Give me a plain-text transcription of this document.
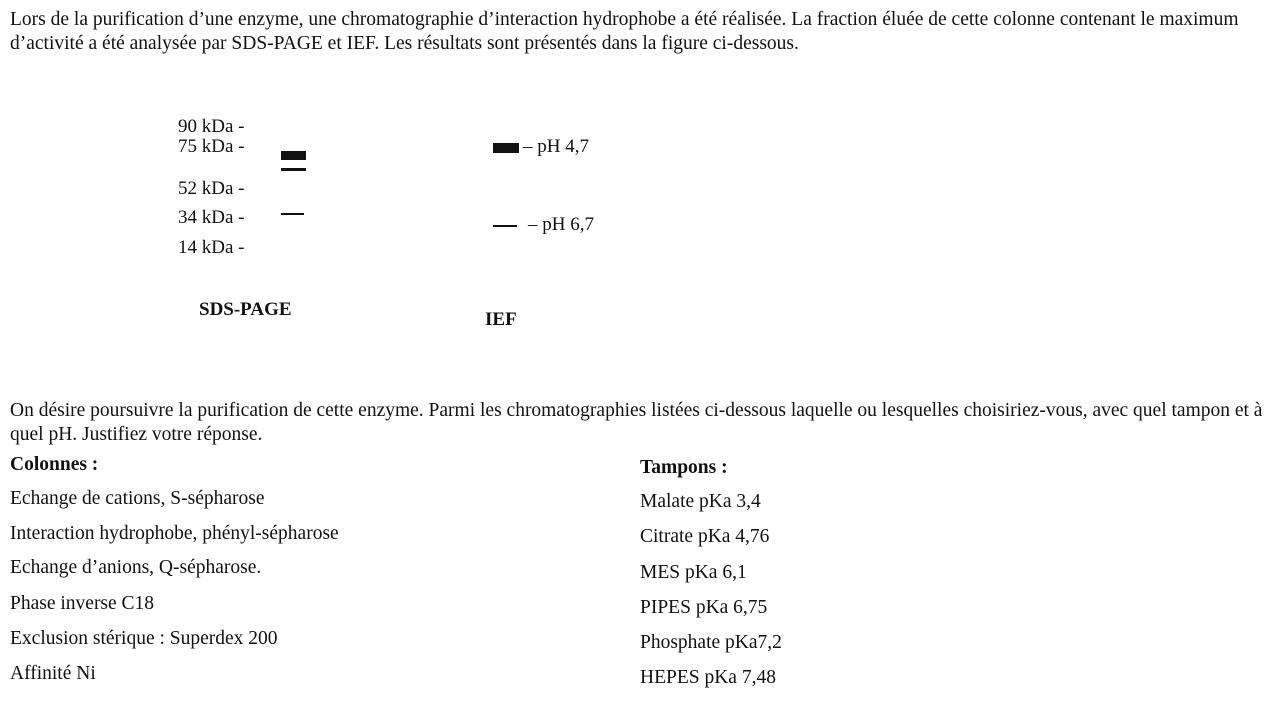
Lors de la purification d’une enzyme, une chromatographie d’interaction hydrophobe a été réalisée. La fraction éluée de cette colonne contenant le maximum d’activité a été analysée par SDS-PAGE et IEF. Les résultats sont présentés dans la figure ci-dessous.
90 kDa -
75 kDa -
52 kDa -
34 kDa -
14 kDa -
– pH 4,7
– pH 6,7
SDS-PAGE	IEF
On désire poursuivre la purification de cette enzyme. Parmi les chromatographies listées ci-dessous laquelle ou lesquelles choisiriez-vous, avec quel tampon et à quel pH. Justifiez votre réponse.
Colonnes :
Echange de cations, S-sépharose
Interaction hydrophobe, phényl-sépharose
Echange d’anions, Q-sépharose.
Phase inverse C18
Exclusion stérique : Superdex 200
Affinité Ni
Tampons :
Malate pKa 3,4
Citrate pKa 4,76
MES pKa 6,1
PIPES pKa 6,75
Phosphate pKa7,2
HEPES pKa 7,48
